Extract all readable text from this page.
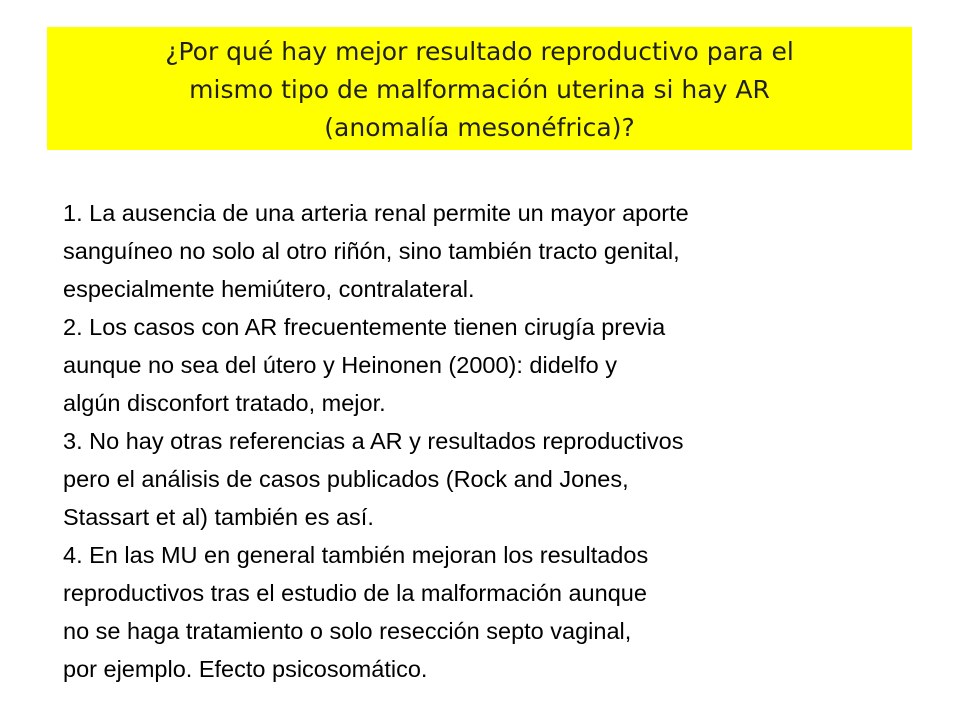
¿Por qué hay mejor resultado reproductivo para el
mismo tipo de malformación uterina si hay AR
(anomalía mesonéfrica)?
1. La ausencia de una arteria renal permite un mayor aporte
sanguíneo no solo al otro riñón, sino también tracto genital,
especialmente hemiútero, contralateral.
2. Los casos con AR frecuentemente tienen cirugía previa
aunque no sea del útero y Heinonen (2000): didelfo y
algún disconfort tratado, mejor.
3. No hay otras referencias a AR y resultados reproductivos
pero el análisis de casos publicados (Rock and Jones,
Stassart et al) también es así.
4. En las MU en general también mejoran los resultados
reproductivos tras el estudio de la malformación aunque
no se haga tratamiento o solo resección septo vaginal,
por ejemplo. Efecto psicosomático.
